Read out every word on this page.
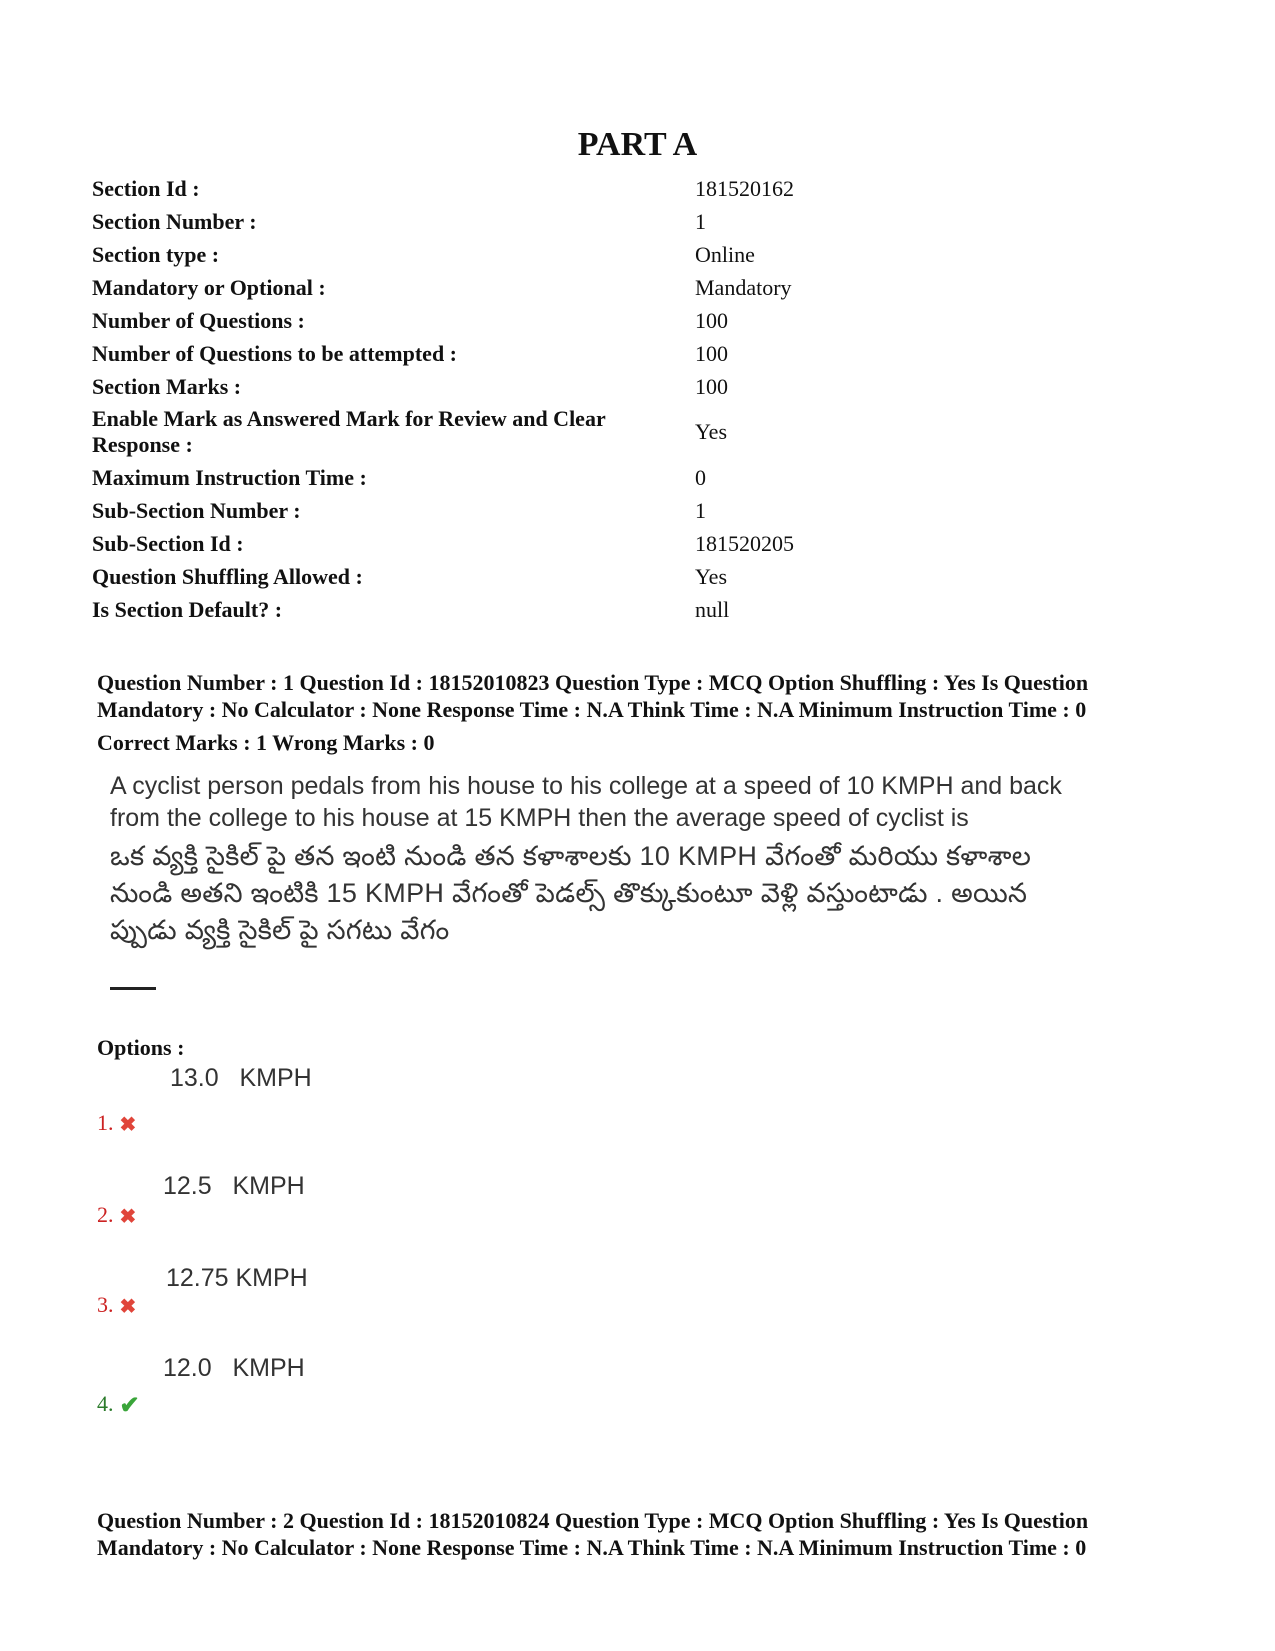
PART A
Section Id :	181520162
Section Number :	1
Section type :	Online
Mandatory or Optional :	Mandatory
Number of Questions :	100
Number of Questions to be attempted :	100
Section Marks :	100
Enable Mark as Answered Mark for Review and Clear Response :	Yes
Maximum Instruction Time :	0
Sub-Section Number :	1
Sub-Section Id :	181520205
Question Shuffling Allowed :	Yes
Is Section Default? :	null
Question Number : 1 Question Id : 18152010823 Question Type : MCQ Option Shuffling : Yes Is Question Mandatory : No Calculator : None Response Time : N.A Think Time : N.A Minimum Instruction Time : 0
Correct Marks : 1 Wrong Marks : 0
A cyclist person pedals from his house to his college at a speed of 10 KMPH and back from the college to his house at 15 KMPH then the average speed of cyclist is
ఒక వ్యక్తి సైకిల్ పై తన ఇంటి నుండి తన కళాశాలకు 10 KMPH వేగంతో మరియు కళాశాల నుండి అతని ఇంటికి 15 KMPH వేగంతో పెడల్స్ తొక్కుకుంటూ వెళ్లి వస్తుంటాడు . అయిన ప్పుడు వ్యక్తి సైకిల్ పై సగటు వేగం
Options :
13.0   KMPH
1. ✖
12.5   KMPH
2. ✖
12.75 KMPH
3. ✖
12.0   KMPH
4. ✔
Question Number : 2 Question Id : 18152010824 Question Type : MCQ Option Shuffling : Yes Is Question Mandatory : No Calculator : None Response Time : N.A Think Time : N.A Minimum Instruction Time : 0
